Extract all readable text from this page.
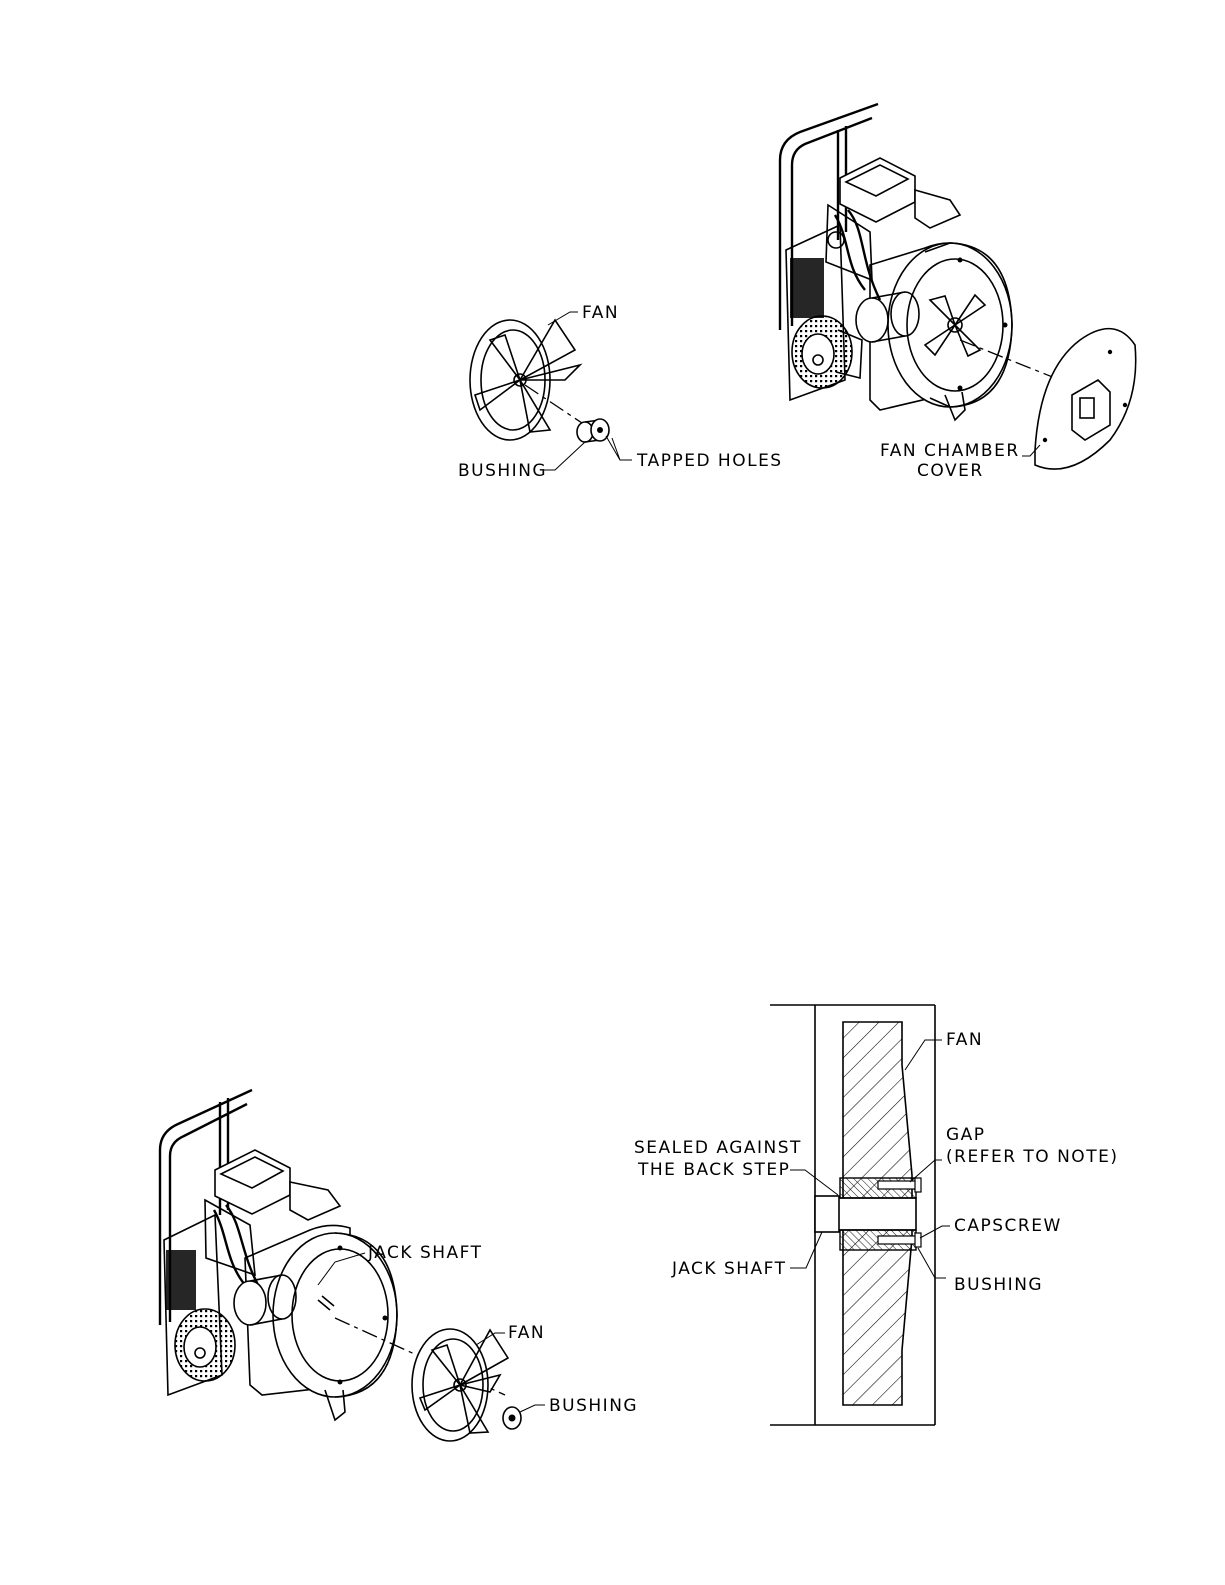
FAN
BUSHING	TAPPED HOLES	FAN CHAMBER
COVER
JACK SHAFT
FAN
BUSHING
FAN
GAP
(REFER TO NOTE)
SEALED AGAINST
THE BACK STEP
CAPSCREW
JACK SHAFT
BUSHING
